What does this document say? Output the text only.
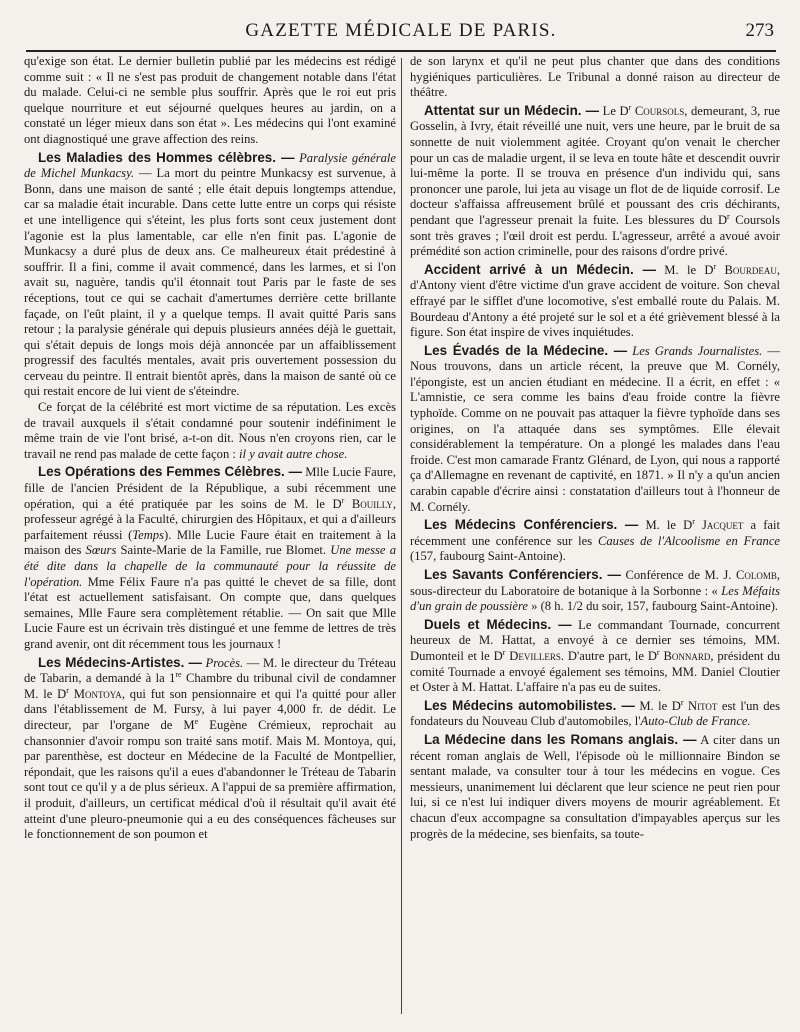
GAZETTE MÉDICALE DE PARIS.	273

qu'exige son état. Le dernier bulletin publié par les médecins est rédigé comme suit : « Il ne s'est pas produit de changement notable dans l'état du malade. Celui-ci ne semble plus souffrir. Après que le roi eut pris quelque nourriture et eut séjourné quelques heures au jardin, on a constaté un léger mieux dans son état ». Les médecins qui l'ont examiné ont diagnostiqué une grave affection des reins.

Les Maladies des Hommes célèbres. — Paralysie générale de Michel Munkacsy. — La mort du peintre Munkacsy est survenue, à Bonn, dans une maison de santé ; elle était depuis longtemps attendue, car sa maladie était incurable. Dans cette lutte entre un corps qui résiste et une intelligence qui s'éteint, les plus forts sont ceux justement dont l'agonie est la plus lamentable, car elle n'en finit pas. L'agonie de Munkacsy a duré plus de deux ans. Ce malheureux était prédestiné à souffrir. Il a fini, comme il avait commencé, dans les larmes, et si l'on avait su, naguère, tandis qu'il étonnait tout Paris par le faste de ses réceptions, tout ce qui se cachait d'amertumes derrière cette brillante façade, on l'eût plaint, il y a quelque temps. Il avait quitté Paris sans retour ; la paralysie générale qui depuis plusieurs années déjà le guettait, qui s'était depuis de longs mois déjà annoncée par un affaiblissement progressif des facultés mentales, avait pris ouvertement possession du cerveau du peintre. Il entrait bientôt après, dans la maison de santé où ce qui restait encore de lui vient de s'éteindre.

Ce forçat de la célébrité est mort victime de sa réputation. Les excès de travail auxquels il s'était condamné pour soutenir indéfiniment le même train de vie l'ont brisé, a-t-on dit. Nous n'en croyons rien, car le travail ne rend pas malade de cette façon : il y avait autre chose.

Les Opérations des Femmes Célèbres. — Mlle Lucie Faure, fille de l'ancien Président de la République, a subi récemment une opération, qui a été pratiquée par les soins de M. le $D^r$ Bouilly, professeur agrégé à la Faculté, chirurgien des Hôpitaux, et qui a d'ailleurs parfaitement réussi (Temps). Mlle Lucie Faure était en traitement à la maison des Sœurs Sainte-Marie de la Famille, rue Blomet. Une messe a été dite dans la chapelle de la communauté pour la réussite de l'opération. Mme Félix Faure n'a pas quitté le chevet de sa fille, dont l'état est actuellement satisfaisant. On compte que, dans quelques semaines, Mlle Faure sera complètement rétablie. — On sait que Mlle Lucie Faure est un écrivain très distingué et une femme de lettres de très grand avenir, ont dit récemment tous les journaux !

Les Médecins-Artistes. — Procès. — M. le directeur du Tréteau de Tabarin, a demandé à la 1re Chambre du tribunal civil de condamner M. le $D^r$ Montoya, qui fut son pensionnaire et qui l'a quitté pour aller dans l'établissement de M. Fursy, à lui payer 4,000 fr. de dédit. Le directeur, par l'organe de Me Eugène Crémieux, reprochait au chansonnier d'avoir rompu son traité sans motif. Mais M. Montoya, qui, par parenthèse, est docteur en Médecine de la Faculté de Montpellier, répondait, que les raisons qu'il a eues d'abandonner le Tréteau de Tabarin sont tout ce qu'il y a de plus sérieux. A l'appui de sa première affirmation, il produit, d'ailleurs, un certificat médical d'où il résultait qu'il avait été atteint d'une pleuro-pneumonie qui a eu des conséquences fâcheuses sur le fonctionnement de son poumon et

de son larynx et qu'il ne peut plus chanter que dans des conditions hygiéniques particulières. Le Tribunal a donné raison au directeur de théâtre.

Attentat sur un Médecin. — Le $D^r$ Coursols, demeurant, 3, rue Gosselin, à Ivry, était réveillé une nuit, vers une heure, par le bruit de sa sonnette de nuit violemment agitée. Croyant qu'on venait le chercher pour un cas de maladie urgent, il se leva en toute hâte et descendit ouvrir lui-même la porte. Il se trouva en présence d'un individu qui, sans prononcer une parole, lui jeta au visage un flot de de liquide corrosif. Le docteur s'affaissa affreusement brûlé et poussant des cris déchirants, pendant que l'agresseur prenait la fuite. Les blessures du $D^r$ Coursols sont très graves ; l'œil droit est perdu. L'agresseur, arrêté a avoué avoir prémédité son action criminelle, pour des raisons d'ordre privé.

Accident arrivé à un Médecin. — M. le $D^r$ Bourdeau, d'Antony vient d'être victime d'un grave accident de voiture. Son cheval effrayé par le sifflet d'une locomotive, s'est emballé route du Palais. M. Bourdeau d'Antony a été projeté sur le sol et a été grièvement blessé à la figure. Son état inspire de vives inquiétudes.

Les Évadés de la Médecine. — Les Grands Journalistes. — Nous trouvons, dans un article récent, la preuve que M. Cornély, l'épongiste, est un ancien étudiant en médecine. Il a écrit, en effet : « L'amnistie, ce sera comme les bains d'eau froide contre la fièvre typhoïde. Comme on ne pouvait pas attaquer la fièvre typhoïde dans ses origines, on l'a attaquée dans ses symptômes. Elle élevait considérablement la température. On a plongé les malades dans l'eau froide. C'est mon camarade Frantz Glénard, de Lyon, qui nous a rapporté ça d'Allemagne en revenant de captivité, en 1871. » Il n'y a qu'un ancien carabin capable d'écrire ainsi : constatation d'ailleurs tout à l'honneur de M. Cornély.

Les Médecins Conférenciers. — M. le $D^r$ Jacquet a fait récemment une conférence sur les Causes de l'Alcoolisme en France (157, faubourg Saint-Antoine).

Les Savants Conférenciers. — Conférence de M. J. Colomb, sous-directeur du Laboratoire de botanique à la Sorbonne : « Les Méfaits d'un grain de poussière » (8 h. 1/2 du soir, 157, faubourg Saint-Antoine).

Duels et Médecins. — Le commandant Tournade, concurrent heureux de M. Hattat, a envoyé à ce dernier ses témoins, MM. Dumonteil et le $D^r$ Devillers. D'autre part, le $D^r$ Bonnard, président du comité Tournade a envoyé également ses témoins, MM. Daniel Cloutier et Oster à M. Hattat. L'affaire n'a pas eu de suites.

Les Médecins automobilistes. — M. le $D^r$ Nitot est l'un des fondateurs du Nouveau Club d'automobiles, l'Auto-Club de France.

La Médecine dans les Romans anglais. — A citer dans un récent roman anglais de Well, l'épisode où le millionnaire Bindon se sentant malade, va consulter tour à tour les médecins en vogue. Ces messieurs, unanimement lui déclarent que leur science ne peut rien pour lui, si ce n'est lui indiquer divers moyens de mourir agréablement. Et chacun d'eux accompagne sa consultation d'impayables aperçus sur les progrès de la médecine, ses bienfaits, sa toute-
